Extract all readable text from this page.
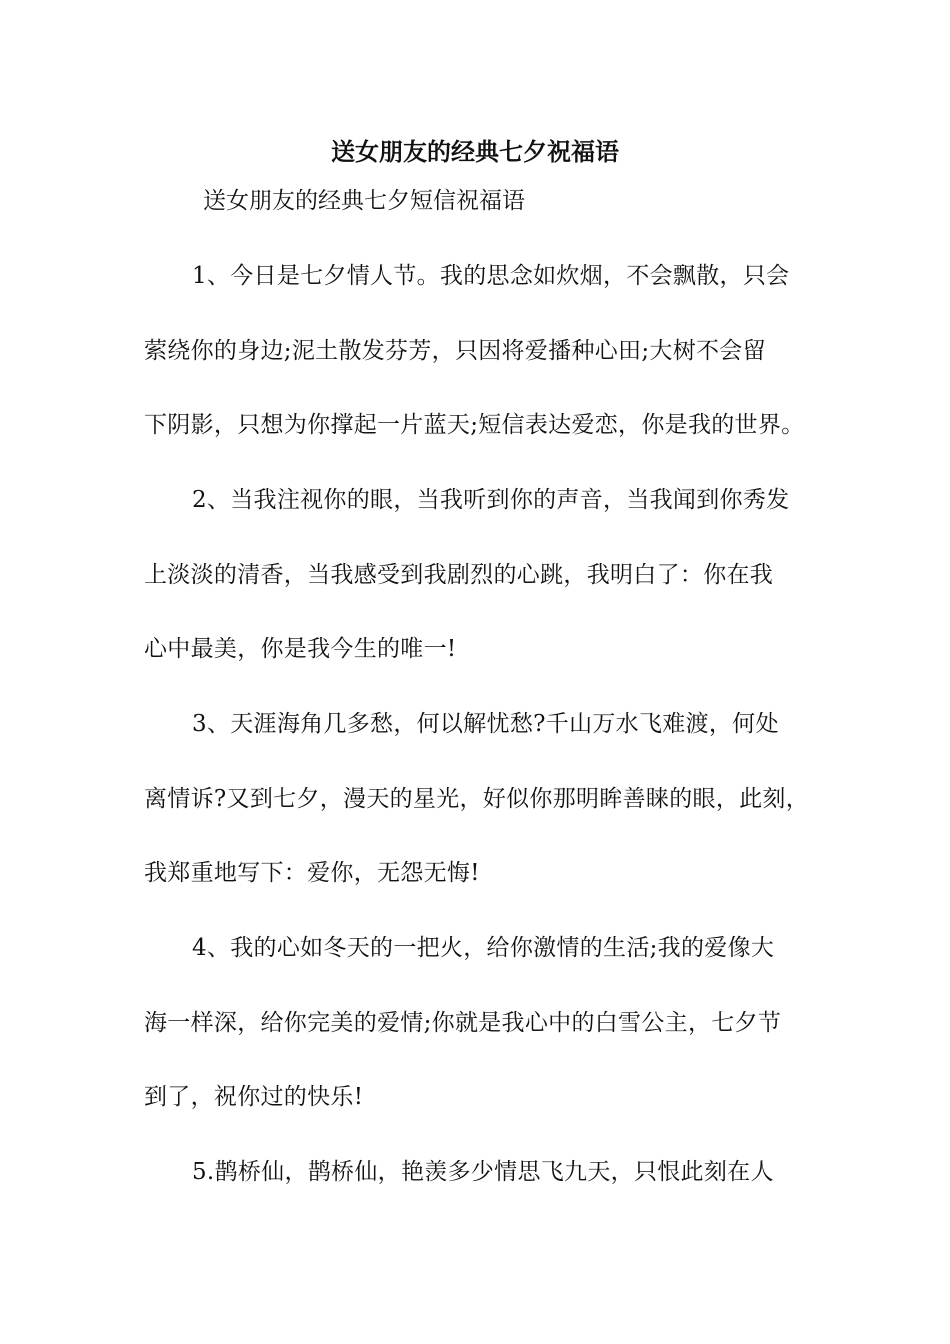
送女朋友的经典七夕祝福语
送女朋友的经典七夕短信祝福语
1、今日是七夕情人节。我的思念如炊烟，不会飘散，只会
萦绕你的身边;泥土散发芬芳，只因将爱播种心田;大树不会留
下阴影，只想为你撑起一片蓝天;短信表达爱恋，你是我的世界。
2、当我注视你的眼，当我听到你的声音，当我闻到你秀发
上淡淡的清香，当我感受到我剧烈的心跳，我明白了：你在我
心中最美，你是我今生的唯一!
3、天涯海角几多愁，何以解忧愁?千山万水飞难渡，何处
离情诉?又到七夕，漫天的星光，好似你那明眸善睐的眼，此刻，
我郑重地写下：爱你，无怨无悔!
4、我的心如冬天的一把火，给你激情的生活;我的爱像大
海一样深，给你完美的爱情;你就是我心中的白雪公主，七夕节
到了，祝你过的快乐!
5.鹊桥仙，鹊桥仙，艳羡多少情思飞九天，只恨此刻在人
